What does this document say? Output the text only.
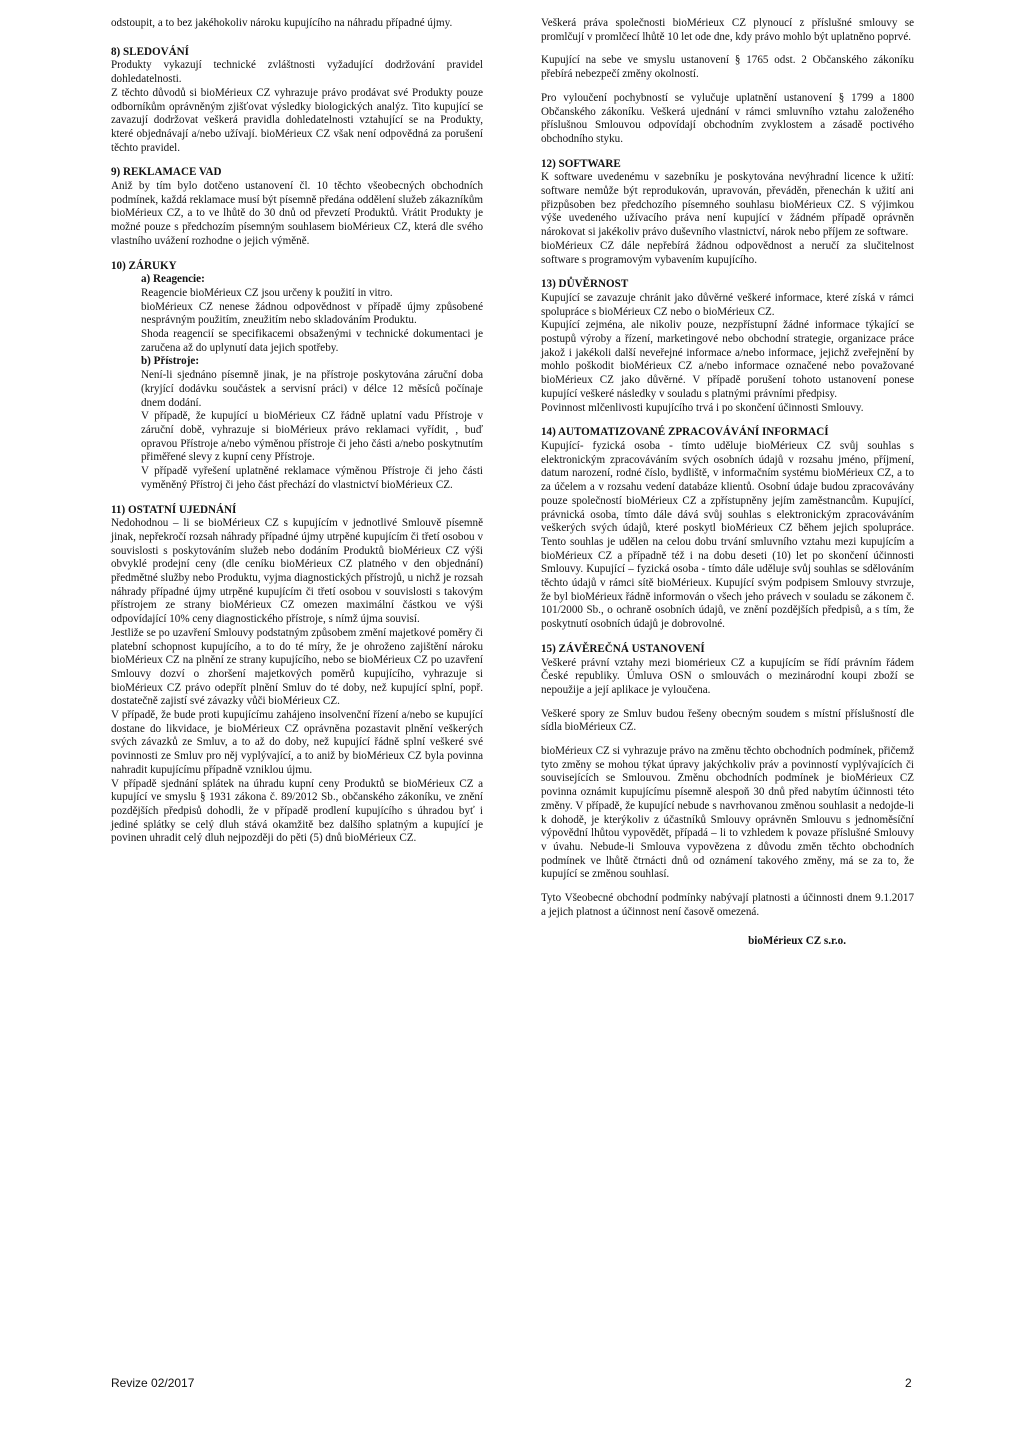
odstoupit, a to bez jakéhokoliv nároku kupujícího na náhradu případné újmy.

8) SLEDOVÁNÍ

Produkty vykazují technické zvláštnosti vyžadující dodržování pravidel dohledatelnosti.

Z těchto důvodů si bioMérieux CZ vyhrazuje právo prodávat své Produkty pouze odborníkům oprávněným zjišťovat výsledky biologických analýz. Tito kupující se zavazují dodržovat veškerá pravidla dohledatelnosti vztahující se na Produkty, které objednávají a/nebo užívají. bioMérieux CZ však není odpovědná za porušení těchto pravidel.

9) REKLAMACE VAD

Aniž by tím bylo dotčeno ustanovení čl. 10 těchto všeobecných obchodních podmínek, každá reklamace musí být písemně předána oddělení služeb zákazníkům bioMérieux CZ, a to ve lhůtě do 30 dnů od převzetí Produktů. Vrátit Produkty je možné pouze s předchozím písemným souhlasem bioMérieux CZ, která dle svého vlastního uvážení rozhodne o jejich výměně.

10) ZÁRUKY

a) Reagencie:

Reagencie bioMérieux CZ jsou určeny k použití in vitro.

bioMérieux CZ nenese žádnou odpovědnost v případě újmy způsobené nesprávným použitím, zneužitím nebo skladováním Produktu.

Shoda reagencií se specifikacemi obsaženými v technické dokumentaci je zaručena až do uplynutí data jejich spotřeby.

b) Přístroje:

Není-li sjednáno písemně jinak, je na přístroje poskytována záruční doba (kryjící dodávku součástek a servisní práci) v délce 12 měsíců počínaje dnem dodání.

V případě, že kupující u bioMérieux CZ řádně uplatní vadu Přístroje v záruční době, vyhrazuje si bioMérieux právo reklamaci vyřídit, , buď opravou Přístroje a/nebo výměnou přístroje či jeho části a/nebo poskytnutím přiměřené slevy z kupní ceny Přístroje.

V případě vyřešení uplatněné reklamace výměnou Přístroje či jeho části vyměněný Přístroj či jeho část přechází do vlastnictví bioMérieux CZ.

11) OSTATNÍ UJEDNÁNÍ

Nedohodnou – li se bioMérieux CZ s kupujícím v jednotlivé Smlouvě písemně jinak, nepřekročí rozsah náhrady případné újmy utrpěné kupujícím či třetí osobou v souvislosti s poskytováním služeb nebo dodáním Produktů bioMérieux CZ výši obvyklé prodejní ceny (dle ceníku bioMérieux CZ platného v den objednání) předmětné služby nebo Produktu, vyjma diagnostických přístrojů, u nichž je rozsah náhrady případné újmy utrpěné kupujícím či třetí osobou v souvislosti s takovým přístrojem ze strany bioMérieux CZ omezen maximální částkou ve výši odpovídající 10% ceny diagnostického přístroje, s nímž újma souvisí.

Jestliže se po uzavření Smlouvy podstatným způsobem změní majetkové poměry či platební schopnost kupujícího, a to do té míry, že je ohroženo zajištění nároku bioMérieux CZ na plnění ze strany kupujícího, nebo se bioMérieux CZ po uzavření Smlouvy dozví o zhoršení majetkových poměrů kupujícího, vyhrazuje si bioMérieux CZ právo odepřít plnění Smluv do té doby, než kupující splní, popř. dostatečně zajistí své závazky vůči bioMérieux CZ.

V případě, že bude proti kupujícímu zahájeno insolvenční řízení a/nebo se kupující dostane do likvidace, je bioMérieux CZ oprávněna pozastavit plnění veškerých svých závazků ze Smluv, a to až do doby, než kupující řádně splní veškeré své povinnosti ze Smluv pro něj vyplývající, a to aniž by bioMérieux CZ byla povinna nahradit kupujícímu případně vzniklou újmu.

V případě sjednání splátek na úhradu kupní ceny Produktů se bioMérieux CZ a kupující ve smyslu § 1931 zákona č. 89/2012 Sb., občanského zákoníku, ve znění pozdějších předpisů dohodli, že v případě prodlení kupujícího s úhradou byť i jediné splátky se celý dluh stává okamžitě bez dalšího splatným a kupující je povinen uhradit celý dluh nejpozději do pěti (5) dnů bioMérieux CZ.

Veškerá práva společnosti bioMérieux CZ plynoucí z příslušné smlouvy se promlčují v promlčecí lhůtě 10 let ode dne, kdy právo mohlo být uplatněno poprvé.

Kupující na sebe ve smyslu ustanovení § 1765 odst. 2 Občanského zákoníku přebírá nebezpečí změny okolností.

Pro vyloučení pochybností se vylučuje uplatnění ustanovení § 1799 a 1800 Občanského zákoníku. Veškerá ujednání v rámci smluvního vztahu založeného příslušnou Smlouvou odpovídají obchodním zvyklostem a zásadě poctivého obchodního styku.

12) SOFTWARE

K software uvedenému v sazebníku je poskytována nevýhradní licence k užití: software nemůže být reprodukován, upravován, převáděn, přenechán k užití ani přizpůsoben bez předchozího písemného souhlasu bioMérieux CZ. S výjimkou výše uvedeného užívacího práva není kupující v žádném případě oprávněn nárokovat si jakékoliv právo duševního vlastnictví, nárok nebo příjem ze software.

bioMérieux CZ dále nepřebírá žádnou odpovědnost a neručí za slučitelnost software s programovým vybavením kupujícího.

13) DŮVĚRNOST

Kupující se zavazuje chránit jako důvěrné veškeré informace, které získá v rámci spolupráce s bioMérieux CZ nebo o bioMérieux CZ.

Kupující zejména, ale nikoliv pouze, nezpřístupní žádné informace týkající se postupů výroby a řízení, marketingové nebo obchodní strategie, organizace práce jakož i jakékoli další neveřejné informace a/nebo informace, jejichž zveřejnění by mohlo poškodit bioMérieux CZ a/nebo informace označené nebo považované bioMérieux CZ jako důvěrné. V případě porušení tohoto ustanovení ponese kupující veškeré následky v souladu s platnými právními předpisy.

Povinnost mlčenlivosti kupujícího trvá i po skončení účinnosti Smlouvy.

14) AUTOMATIZOVANÉ ZPRACOVÁVÁNÍ INFORMACÍ

Kupující- fyzická osoba - tímto uděluje bioMérieux CZ svůj souhlas s elektronickým zpracováváním svých osobních údajů v rozsahu jméno, příjmení, datum narození, rodné číslo, bydliště, v informačním systému bioMérieux CZ, a to za účelem a v rozsahu vedení databáze klientů. Osobní údaje budou zpracovávány pouze společností bioMérieux CZ a zpřístupněny jejím zaměstnancům. Kupující, právnická osoba, tímto dále dává svůj souhlas s elektronickým zpracováváním veškerých svých údajů, které poskytl bioMérieux CZ během jejich spolupráce. Tento souhlas je udělen na celou dobu trvání smluvního vztahu mezi kupujícím a bioMérieux CZ a případně též i na dobu deseti (10) let po skončení účinnosti Smlouvy. Kupující – fyzická osoba - tímto dále uděluje svůj souhlas se sdělováním těchto údajů v rámci sítě bioMérieux. Kupující svým podpisem Smlouvy stvrzuje, že byl bioMérieux řádně informován o všech jeho právech v souladu se zákonem č. 101/2000 Sb., o ochraně osobních údajů, ve znění pozdějších předpisů, a s tím, že poskytnutí osobních údajů je dobrovolné.

15) ZÁVĚREČNÁ USTANOVENÍ

Veškeré právní vztahy mezi biomérieux CZ a kupujícím se řídí právním řádem České republiky. Úmluva OSN o smlouvách o mezinárodní koupi zboží se nepoužije a její aplikace je vyloučena.

Veškeré spory ze Smluv budou řešeny obecným soudem s místní příslušností dle sídla bioMérieux CZ.

bioMérieux CZ si vyhrazuje právo na změnu těchto obchodních podmínek, přičemž tyto změny se mohou týkat úpravy jakýchkoliv práv a povinností vyplývajících či souvisejících se Smlouvou. Změnu obchodních podmínek je bioMérieux CZ povinna oznámit kupujícímu písemně alespoň 30 dnů před nabytím účinnosti této změny. V případě, že kupující nebude s navrhovanou změnou souhlasit a nedojde-li k dohodě, je kterýkoliv z účastníků Smlouvy oprávněn Smlouvu s jednoměsíční výpovědní lhůtou vypovědět, případá – li to vzhledem k povaze příslušné Smlouvy v úvahu. Nebude-li Smlouva vypovězena z důvodu změn těchto obchodních podmínek ve lhůtě čtrnácti dnů od oznámení takového změny, má se za to, že kupující se změnou souhlasí.

Tyto Všeobecné obchodní podmínky nabývají platnosti a účinnosti dnem 9.1.2017 a jejich platnost a účinnost není časově omezená.

bioMérieux CZ s.r.o.

Revize 02/2017	2
